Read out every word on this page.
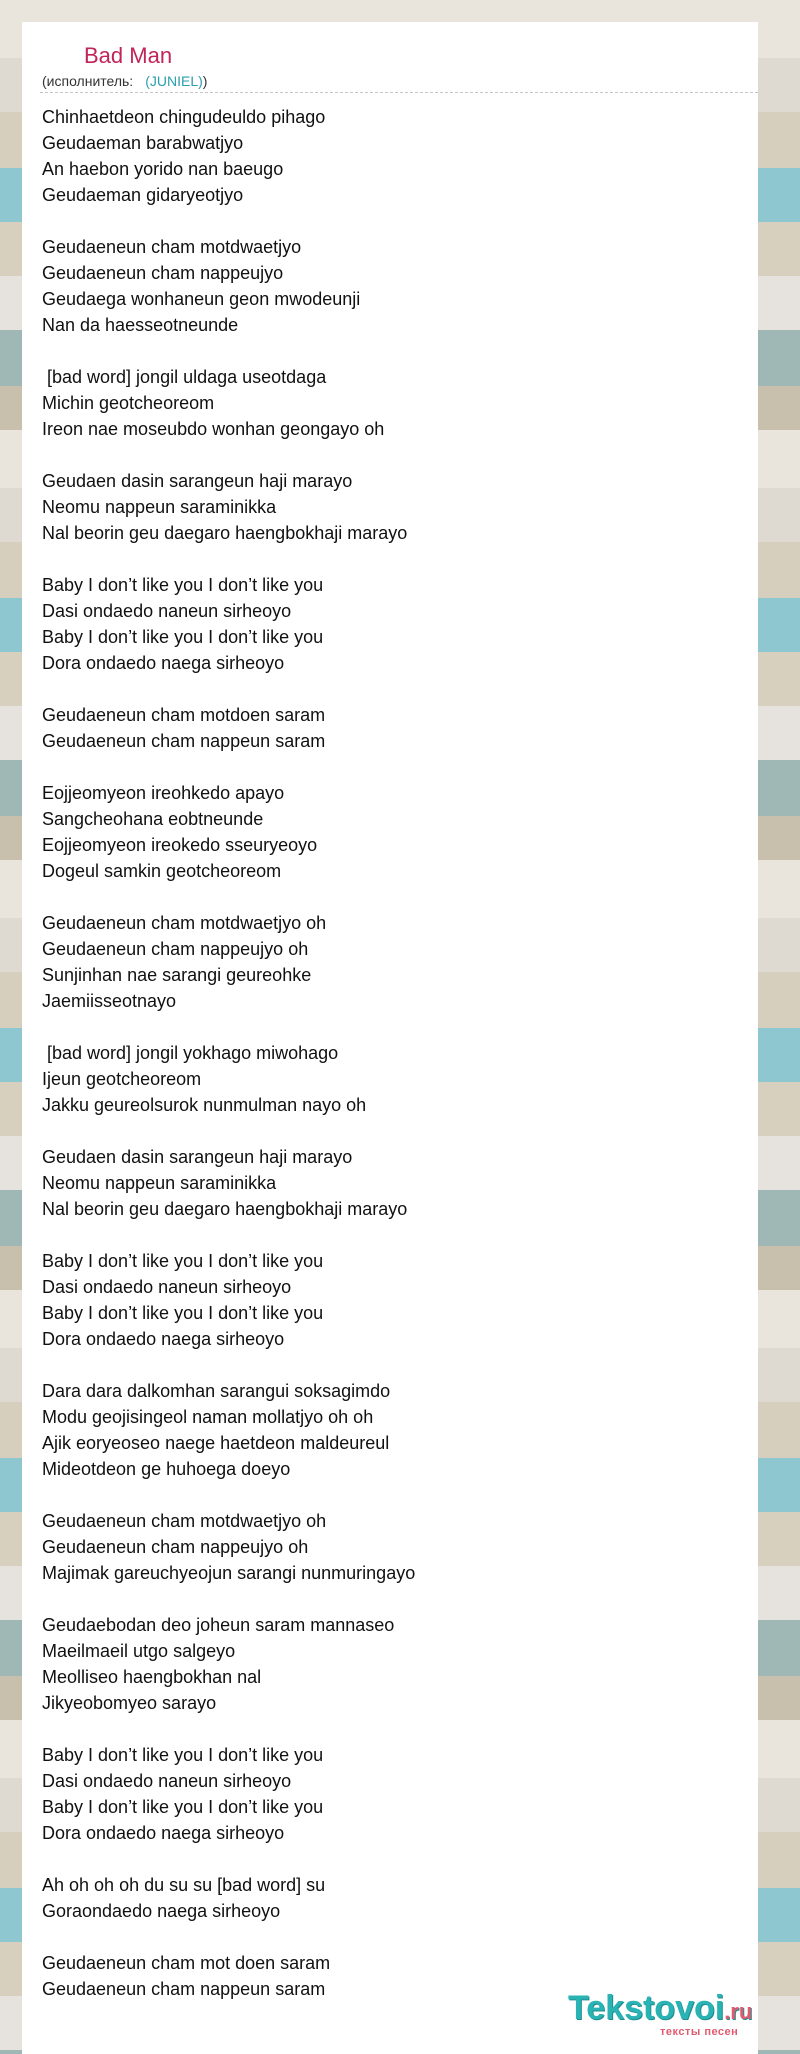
Bad Man
(исполнитель: (JUNIEL))
Chinhaetdeon chingudeuldo pihago
Geudaeman barabwatjyo
An haebon yorido nan baeugo
Geudaeman gidaryeotjyo
Geudaeneun cham motdwaetjyo
Geudaeneun cham nappeujyo
Geudaega wonhaneun geon mwodeunji
Nan da haesseotneunde
[bad word] jongil uldaga useotdaga
Michin geotcheoreom
Ireon nae moseubdo wonhan geongayo oh
Geudaen dasin sarangeun haji marayo
Neomu nappeun saraminikka
Nal beorin geu daegaro haengbokhaji marayo
Baby I don’t like you I don’t like you
Dasi ondaedo naneun sirheoyo
Baby I don’t like you I don’t like you
Dora ondaedo naega sirheoyo
Geudaeneun cham motdoen saram
Geudaeneun cham nappeun saram
Eojjeomyeon ireohkedo apayo
Sangcheohana eobtneunde
Eojjeomyeon ireokedo sseuryeoyo
Dogeul samkin geotcheoreom
Geudaeneun cham motdwaetjyo oh
Geudaeneun cham nappeujyo oh
Sunjinhan nae sarangi geureohke
Jaemiisseotnayo
[bad word] jongil yokhago miwohago
Ijeun geotcheoreom
Jakku geureolsurok nunmulman nayo oh
Geudaen dasin sarangeun haji marayo
Neomu nappeun saraminikka
Nal beorin geu daegaro haengbokhaji marayo
Baby I don’t like you I don’t like you
Dasi ondaedo naneun sirheoyo
Baby I don’t like you I don’t like you
Dora ondaedo naega sirheoyo
Dara dara dalkomhan sarangui soksagimdo
Modu geojisingeol naman mollatjyo oh oh
Ajik eoryeoseo naege haetdeon maldeureul
Mideotdeon ge huhoega doeyo
Geudaeneun cham motdwaetjyo oh
Geudaeneun cham nappeujyo oh
Majimak gareuchyeojun sarangi nunmuringayo
Geudaebodan deo joheun saram mannaseo
Maeilmaeil utgo salgeyo
Meolliseo haengbokhan nal
Jikyeobomyeo sarayo
Baby I don’t like you I don’t like you
Dasi ondaedo naneun sirheoyo
Baby I don’t like you I don’t like you
Dora ondaedo naega sirheoyo
Ah oh oh oh du su su [bad word] su
Goraondaedo naega sirheoyo
Geudaeneun cham mot doen saram
Geudaeneun cham nappeun saram	Tekstovoi.ru
тексты песен
